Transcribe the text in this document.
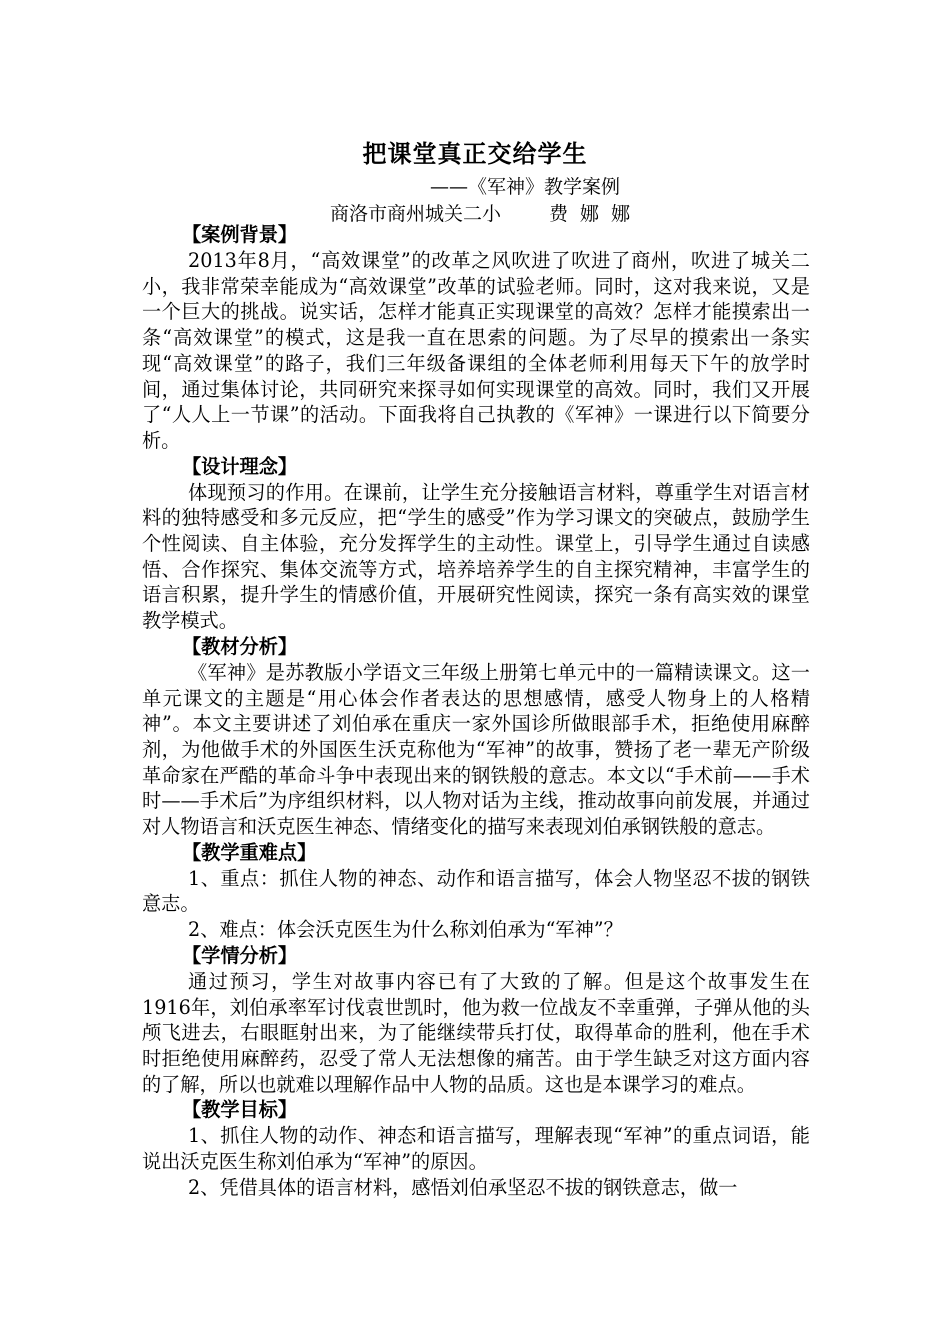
把课堂真正交给学生
——《军神》教学案例
商洛市商州城关二小	费 娜 娜
【案例背景】

2013年8月，“高效课堂”的改革之风吹进了吹进了商州，吹进了城关二小，我非常荣幸能成为“高效课堂”改革的试验老师。同时，这对我来说，又是一个巨大的挑战。说实话，怎样才能真正实现课堂的高效？怎样才能摸索出一条“高效课堂”的模式，这是我一直在思索的问题。为了尽早的摸索出一条实现“高效课堂”的路子，我们三年级备课组的全体老师利用每天下午的放学时间，通过集体讨论，共同研究来探寻如何实现课堂的高效。同时，我们又开展了“人人上一节课”的活动。下面我将自己执教的《军神》一课进行以下简要分析。

【设计理念】

体现预习的作用。在课前，让学生充分接触语言材料，尊重学生对语言材料的独特感受和多元反应，把“学生的感受”作为学习课文的突破点，鼓励学生个性阅读、自主体验，充分发挥学生的主动性。课堂上，引导学生通过自读感悟、合作探究、集体交流等方式，培养培养学生的自主探究精神，丰富学生的语言积累，提升学生的情感价值，开展研究性阅读，探究一条有高实效的课堂教学模式。

【教材分析】

《军神》是苏教版小学语文三年级上册第七单元中的一篇精读课文。这一单元课文的主题是“用心体会作者表达的思想感情，感受人物身上的人格精神”。本文主要讲述了刘伯承在重庆一家外国诊所做眼部手术，拒绝使用麻醉剂，为他做手术的外国医生沃克称他为“军神”的故事，赞扬了老一辈无产阶级革命家在严酷的革命斗争中表现出来的钢铁般的意志。本文以“手术前——手术时——手术后”为序组织材料，以人物对话为主线，推动故事向前发展，并通过对人物语言和沃克医生神态、情绪变化的描写来表现刘伯承钢铁般的意志。

【教学重难点】

1、重点：抓住人物的神态、动作和语言描写，体会人物坚忍不拔的钢铁意志。

2、难点：体会沃克医生为什么称刘伯承为“军神”？

【学情分析】

通过预习，学生对故事内容已有了大致的了解。但是这个故事发生在1916年，刘伯承率军讨伐袁世凯时，他为救一位战友不幸重弹，子弹从他的头颅飞进去，右眼眶射出来，为了能继续带兵打仗，取得革命的胜利，他在手术时拒绝使用麻醉药，忍受了常人无法想像的痛苦。由于学生缺乏对这方面内容的了解，所以也就难以理解作品中人物的品质。这也是本课学习的难点。

【教学目标】

1、抓住人物的动作、神态和语言描写，理解表现“军神”的重点词语，能说出沃克医生称刘伯承为“军神”的原因。

2、凭借具体的语言材料，感悟刘伯承坚忍不拔的钢铁意志，做一
